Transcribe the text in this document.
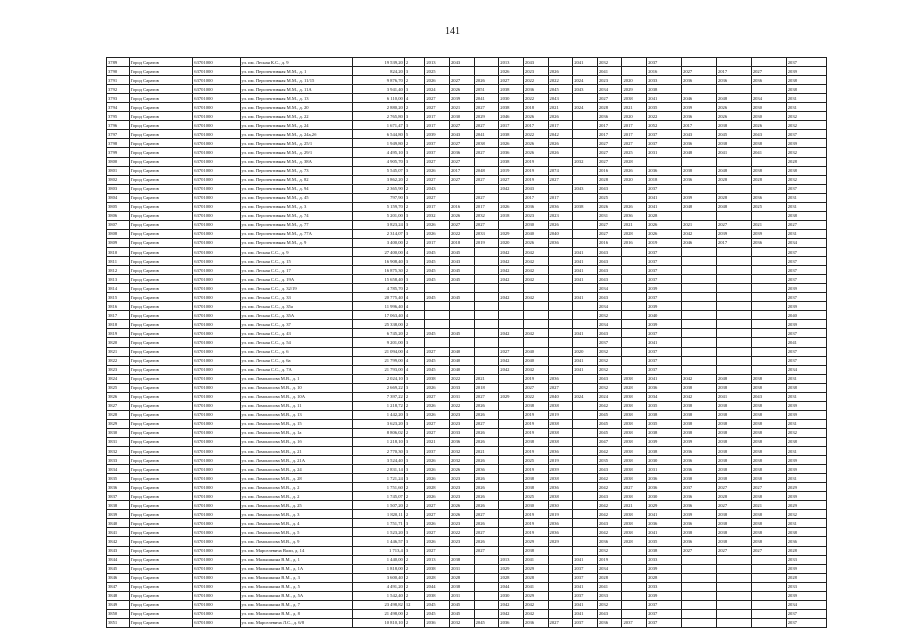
141
3789	Город Саратов	63701000	ул. им. Лесная К.С., д. 9	19 539,20	2	2013	2043		2013	2043		2041	2032		2037				2037
3790	Город Саратов	63701000	ул. им. Перспективная М.М., д. 1	824,20	3	2025			2026	2023	2026		2041		2016	2027	2017	2027	2039
3791	Город Саратов	63701000	ул. им. Перспективная М.М., д. 11/15	9 876,70	2	2026	2027	2026	2027	2022	2022	2024	2023	2020	2033	2036	2036	2036	2038
3792	Город Саратов	63701000	ул. им. Перспективная М.М., д. 11А	3 941,40	3	2024	2026	2051	2038	2036	2045	2043	2034	2029	2038				2038
3793	Город Саратов	63701000	ул. им. Перспективная М.М., д. 13	6 110,00	4	2027	2039	2041	2030	2022	2043		2027	2038	2041	2046	2048	2034	2031
3794	Город Саратов	63701000	ул. им. Перспективная М.М., д. 20	2 880,20	2	2027	2021	2027	2038	2018	2021	2024	2028	2021	2035	2039	2026	2030	2031
3795	Город Саратов	63701000	ул. им. Перспективная М.М., д. 22	2 765,80	3	2017	2030	2029	2046	2026	2026		2036	2020	2022	2036	2026	2030	2032
3796	Город Саратов	63701000	ул. им. Перспективная М.М., д. 24	1 671,47	3	2017	2027	2027	2017	2017	2017		2017	2017	2052	2017	2038	2026	2032
3797	Город Саратов	63701000	ул. им. Перспективная М.М., д. 24а,2б	6 544,80	5	2039	2043	2041	2038	2022	2042		2017	2017	2037	2043	2045	2043	2037
3798	Город Саратов	63701000	ул. им. Перспективная М.М., д. 25/1	1 949,80	2	2037	2027	2038	2026	2026	2026		2027	2027	2037	2036	2038	2038	2039
3799	Город Саратов	63701000	ул. им. Перспективная М.М., д. 29/1	4 495,10	3	2037	2036	2027	2036	2026	2026		2027	2025	2031	2048	2041	2041	2032
3800	Город Саратов	63701000	ул. им. Перспективная М.М., д. 38А	4 905,70	3	2027	2027		2038	2019		2032	2027	2028					2028
3801	Город Саратов	63701000	ул. им. Перспективная М.М., д. 73	5 545,07	3	2026	2017	2048	2019	2019	2074		2016	2026	2036	2038	2048	2038	2038
3802	Город Саратов	63701000	ул. им. Перспективная М.М., д. 82	3 862,20	2	2027	2027	2027	2027	2019	2027		2028	2020	2018	2036	2028	2028	2032
3803	Город Саратов	63701000	ул. им. Перспективная М.М., д. 94	2 365,90	2	2043			2042	2043		2043	2043		2037				2037
3804	Город Саратов	63701000	ул. им. Перспективная М.М., д. 45	797,90	3	2027		2027		2017	2017		2025		2041	2039	2028	2036	2031
3805	Город Саратов	63701000	ул. им. Перспективная М.М., д. 3	5 159,70	2	2017	2016	2017	2026	2036	2036	2038	2026	2026	2041	2048	2048	2025	2031
3806	Город Саратов	63701000	ул. им. Перспективная М.М., д. 74	5 201,00	3	2032	2026	2032	2018	2023	2023		2031	2036	2028				2038
3807	Город Саратов	63701000	ул. им. Перспективная М.М., д. 77	3 823,24	3	2026	2027	2027		2030	2026		2027	2021	2026	2021	2027	2021	2027
3808	Город Саратов	63701000	ул. им. Перспективная М.М., д. 77А	2 314,07	3	2026	2022	2033	2029	2040	2040		2027	2028	2026	2042	2039	2039	2031
3809	Город Саратов	63701000	ул. им. Перспективная М.М., д. 9	3 400,00	2	2017	2018	2019	2020	2026	2036		2016	2016	2019	2046	2017	2036	2034
3810	Город Саратов	63701000	ул. им. Лесная С.С., д. 9	27 400,00	4	2045	2045		2042	2042		2041	2043		2037				2037
3811	Город Саратов	63701000	ул. им. Лесная С.С., д. 15	16 908,40	3	2045	2043		2042	2042		2041	2043		2037				2037
3812	Город Саратов	63701000	ул. им. Лесная С.С., д. 17	16 875,30	2	2045	2045		2042	2042		2041	2043		2037				2037
3813	Город Саратов	63701000	ул. им. Лесная С.С., д. 19А	15 658,40	3	2045	2045		2042	2042		2041	2043		2037				2037
3814	Город Саратов	63701000	ул. им. Лесная С.С., д. 32/19	4 785,70	2								2034		2039				2039
3815	Город Саратов	63701000	ул. им. Лесная С.С., д. 33	20 775,40	4	2045	2045		2042	2042		2041	2043		2037				2037
3816	Город Саратов	63701000	ул. им. Лесная С.С., д. 35а	11 996,40	4								2034		2039				2039
3817	Город Саратов	63701000	ул. им. Лесная С.С., д. 35А	17 063,40	4								2032		2040				2040
3818	Город Саратов	63701000	ул. им. Лесная С.С., д. 37	25 338,00	2								2034		2039				2039
3819	Город Саратов	63701000	ул. им. Лесная С.С., д. 43	6 745,20	2	2045	2045		2042	2042		2041	2043		2037				2037
3820	Город Саратов	63701000	ул. им. Лесная С.С., д. 54	9 201,00	3								2037		2041				2041
3821	Город Саратов	63701000	ул. им. Лесная С.С., д. 6	21 094,00	4	2027	2040		2027	2040		2020	2032		2037				2037
3822	Город Саратов	63701000	ул. им. Лесная С.С., д. 6а	21 799,00	4	2045	2040		2042	2040		2041	2032		2037				2037
3823	Город Саратов	63701000	ул. им. Лесная С.С., д. 7А	21 793,00	4	2045	2040		2042	2042		2041	2032		2037				2034
3824	Город Саратов	63701000	ул. им. Ломоносова М.В., д. 1	2 024,10	3	2038	2022	2021		2019	2036		2043	2038	2041	2042	2048	2038	2031
3825	Город Саратов	63701000	ул. им. Ломоносова М.В., д. 10	2 669,22	3	2026	2033	2018		2027	2027		2032	2028	2036	2038	2038	2038	2038
3826	Город Саратов	63701000	ул. им. Ломоносова М.В., д. 10А	7 397,22	2	2027	2031	2027	2029	2022	2040	2024	2024	2038	2034	2042	2041	2043	2031
3827	Город Саратов	63701000	ул. им. Ломоносова М.В., д. 11	1 218,72	2	2026	2022	2026		2038	2038		2042	2038	2035	2038	2038	2038	2039
3828	Город Саратов	63701000	ул. им. Ломоносова М.В., д. 13	1 442,20	3	2026	2023	2026		2019	2019		2045	2038	2038	2038	2038	2038	2039
3829	Город Саратов	63701000	ул. им. Ломоносова М.В., д. 15	3 623,20	3	2027	2023	2027		2019	2038		2045	2038	2035	2038	2038	2038	2031
3830	Город Саратов	63701000	ул. им. Ломоносова М.В., д. 1а	8 806,02	2	2027	2033	2026		2019	2038		2045	2038	2038	2038	2038	2038	2032
3831	Город Саратов	63701000	ул. им. Ломоносова М.В., д. 1б	1 218,10	3	2021	2036	2026		2038	2038		2047	2038	2039	2039	2038	2038	2038
3832	Город Саратов	63701000	ул. им. Ломоносова М.В., д. 21	2 770,30	3	2037	2032	2021		2019	2036		2042	2038	2038	2036	2038	2038	2031
3833	Город Саратов	63701000	ул. им. Ломоносова М.В., д. 21А	3 524,40	3	2026	2032	2026		2025	2019		2035	2038	2030	2036	2038	2038	2039
3834	Город Саратов	63701000	ул. им. Ломоносова М.В., д. 24	2 831,14	3	2026	2026	2036		2019	2039		2043	2038	2031	2036	2038	2038	2039
3835	Город Саратов	63701000	ул. им. Ломоносова М.В., д. 28	1 721,24	3	2026	2023	2026		2038	2038		2042	2038	2036	2038	2038	2038	2031
3836	Город Саратов	63701000	ул. им. Ломоносова М.В., д. 2	1 751,60	2	2028	2023	2026		2038	2036		2042	2027	2036	2037	2027	2027	2029
3837	Город Саратов	63701000	ул. им. Ломоносова М.В., д. 2	1 745,07	2	2026	2023	2026		2025	2038		2043	2038	2030	2036	2028	2038	2039
3838	Город Саратов	63701000	ул. им. Ломоносова М.В., д. 25	1 507,20	2	2027	2026	2026		2030	2030		2042	2021	2029	2036	2027	2021	2029
3839	Город Саратов	63701000	ул. им. Ломоносова М.В., д. 3	1 820,11	2	2027	2026	2027		2019	2019		2042	2038	2041	2039	2038	2038	2032
3840	Город Саратов	63701000	ул. им. Ломоносова М.В., д. 4	1 751,71	3	2026	2023	2026		2019	2036		2043	2038	2036	2036	2038	2038	2031
3841	Город Саратов	63701000	ул. им. Ломоносова М.В., д. 5	1 523,20	3	2027	2022	2027		2019	2036		2042	2038	2041	2038	2038	2038	2038
3842	Город Саратов	63701000	ул. им. Ломоносова М.В., д. 9	1 446,57	3	2026	2023	2026		2029	2029		2036	2028	2035	2036	2038	2038	2036
3843	Город Саратов	63701000	ул. им. Марселевича Вали, д. 14	1 713,4	3	2027		2027		2038			2032		2038	2027	2027	2027	2028
3844	Город Саратов	63701000	ул. им. Малышкина В.М., д. 1	1 440,00	2	2013	2038		2013	2041		2041	2019		2033				2033
3845	Город Саратов	63701000	ул. им. Малышкина В.М., д. 1А	1 818,00	2	2038	2031		2029	2029		2037	2034		2039				2039
3846	Город Саратов	63701000	ул. им. Малышкина В.М., д. 3	3 600,40	2	2028	2028		2028	2028		2037	2028		2028				2028
3847	Город Саратов	63701000	ул. им. Малышкина В.М., д. 5	4 491,20	2	2044	2038		2044	2041		2041	2041		2033				2033
3848	Город Саратов	63701000	ул. им. Малышкина В.М., д. 5А	1 542,40	2	2038	2031		2030	2029		2037	2033		2039				2039
3849	Город Саратов	63701000	ул. им. Малышкина В.М., д. 7	23 498,82	12	2045	2045		2042	2042		2041	2032		2037				2034
3850	Город Саратов	63701000	ул. им. Малышкина В.М., д. 8	21 498,00	2	2045	2045		2042	2042		2041	2043		2037				2037
3851	Город Саратов	63701000	ул. им. Марселевича Л.С., д. 6/8	10 810,10	2	2036	2032	2045	2036	2036	2027	2037	2036	2037	2037				2037
